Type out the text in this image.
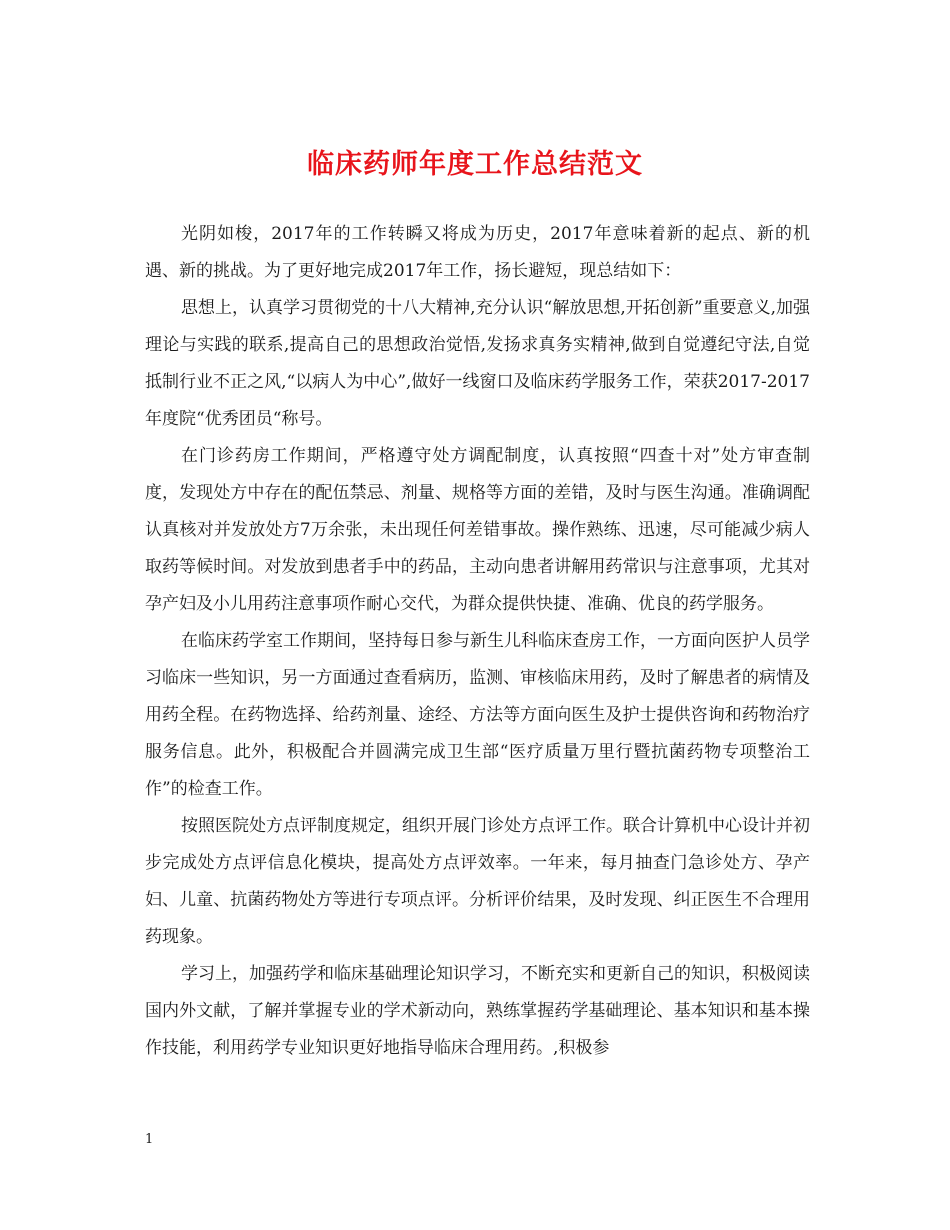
临床药师年度工作总结范文

光阴如梭，2017年的工作转瞬又将成为历史，2017年意味着新的起点、新的机遇、新的挑战。为了更好地完成2017年工作，扬长避短，现总结如下：

思想上，认真学习贯彻党的十八大精神,充分认识“解放思想,开拓创新”重要意义,加强理论与实践的联系,提高自己的思想政治觉悟,发扬求真务实精神,做到自觉遵纪守法,自觉抵制行业不正之风,“以病人为中心”,做好一线窗口及临床药学服务工作，荣获2017-2017年度院“优秀团员“称号。

在门诊药房工作期间，严格遵守处方调配制度，认真按照“四查十对”处方审查制度，发现处方中存在的配伍禁忌、剂量、规格等方面的差错，及时与医生沟通。准确调配认真核对并发放处方7万余张，未出现任何差错事故。操作熟练、迅速，尽可能减少病人取药等候时间。对发放到患者手中的药品，主动向患者讲解用药常识与注意事项，尤其对孕产妇及小儿用药注意事项作耐心交代，为群众提供快捷、准确、优良的药学服务。

在临床药学室工作期间，坚持每日参与新生儿科临床查房工作，一方面向医护人员学习临床一些知识，另一方面通过查看病历，监测、审核临床用药，及时了解患者的病情及用药全程。在药物选择、给药剂量、途经、方法等方面向医生及护士提供咨询和药物治疗服务信息。此外，积极配合并圆满完成卫生部“医疗质量万里行暨抗菌药物专项整治工作”的检查工作。

按照医院处方点评制度规定，组织开展门诊处方点评工作。联合计算机中心设计并初步完成处方点评信息化模块，提高处方点评效率。一年来，每月抽查门急诊处方、孕产妇、儿童、抗菌药物处方等进行专项点评。分析评价结果，及时发现、纠正医生不合理用药现象。

学习上，加强药学和临床基础理论知识学习，不断充实和更新自己的知识，积极阅读国内外文献，了解并掌握专业的学术新动向，熟练掌握药学基础理论、基本知识和基本操作技能，利用药学专业知识更好地指导临床合理用药。,积极参

1
